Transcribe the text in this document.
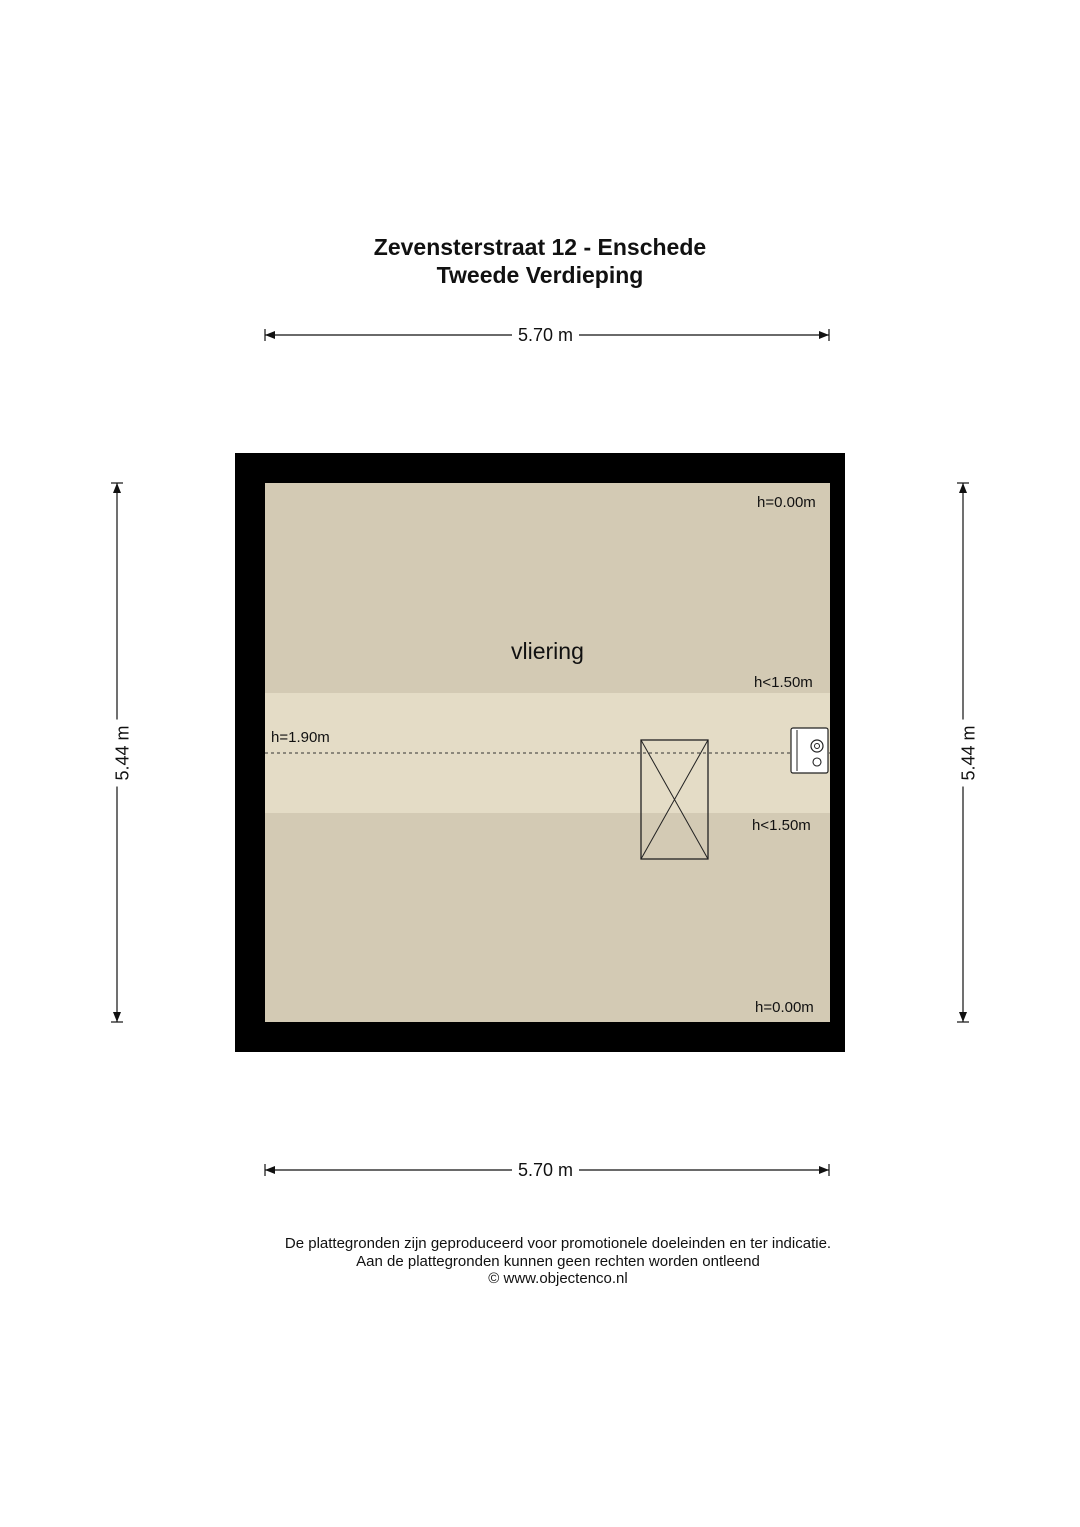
Zevensterstraat 12 - Enschede
Tweede Verdieping
5.70 m
5.70 m
5.44 m	5.44 m
vliering
h=0.00m
h<1.50m
h=1.90m
h<1.50m
h=0.00m
De plattegronden zijn geproduceerd voor promotionele doeleinden en ter indicatie.
Aan de plattegronden kunnen geen rechten worden ontleend
© www.objectenco.nl
